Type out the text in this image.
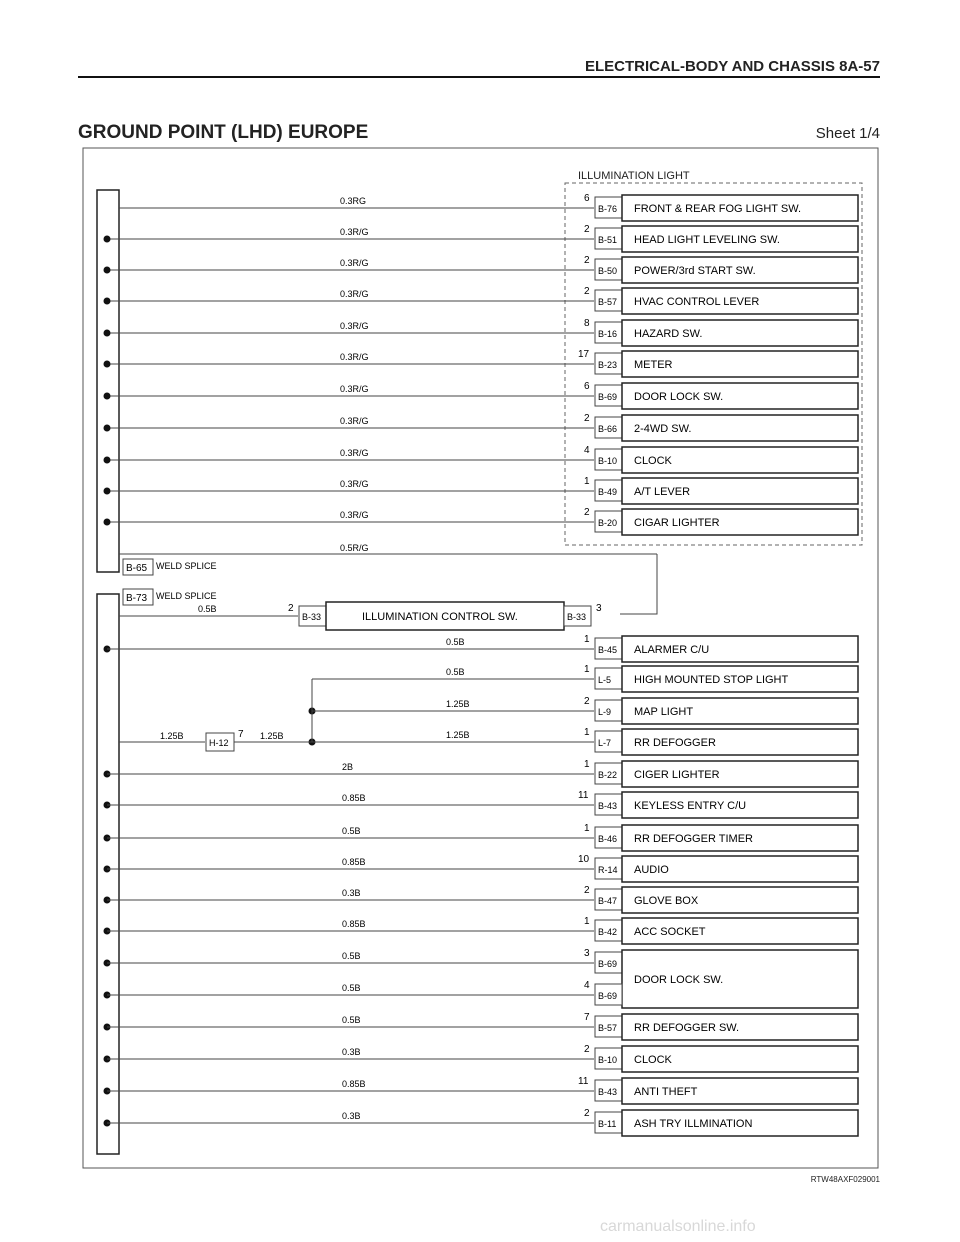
ELECTRICAL-BODY AND CHASSIS 8A-57
GROUND POINT (LHD) EUROPE	Sheet 1/4
ILLUMINATION LIGHT
B-65 WELD SPLICE
B-73 WELD SPLICE
0.5R/G
0.5B	2
B-33	ILLUMINATION CONTROL SW.	B-33
3
0.3RG	6
B-76 FRONT & REAR FOG LIGHT SW.
0.3R/G	2
B-51 HEAD LIGHT LEVELING SW.
0.3R/G	2
B-50 POWER/3rd START SW.
0.3R/G	2
B-57 HVAC CONTROL LEVER
0.3R/G	8
B-16 HAZARD SW.
0.3R/G	17
B-23 METER
0.3R/G	6
B-69 DOOR LOCK SW.
0.3R/G	2
B-66 2-4WD SW.
0.3R/G	4
B-10 CLOCK
0.3R/G	1
B-49 A/T LEVER
0.3R/G	2
B-20 CIGAR LIGHTER
0.5B	1
B-45 ALARMER C/U
0.5B	1
L-5 HIGH MOUNTED STOP LIGHT
1.25B	2
L-9 MAP LIGHT
1.25B	1
L-7 RR DEFOGGER
2B	1
B-22 CIGER LIGHTER
0.85B	11
B-43 KEYLESS ENTRY C/U
0.5B	1
B-46 RR DEFOGGER TIMER
0.85B	10
R-14 AUDIO
0.3B	2
B-47 GLOVE BOX
0.85B	1
B-42 ACC SOCKET
0.5B	3
B-69
DOOR LOCK SW.
0.5B	4
B-69
0.5B	7
B-57 RR DEFOGGER SW.
0.3B	2
B-10 CLOCK
0.85B	11
B-43 ANTI THEFT
0.3B	2
B-11 ASH TRY ILLMINATION
1.25B
H-12
7 1.25B
RTW48AXF029001
carmanualsonline.info
